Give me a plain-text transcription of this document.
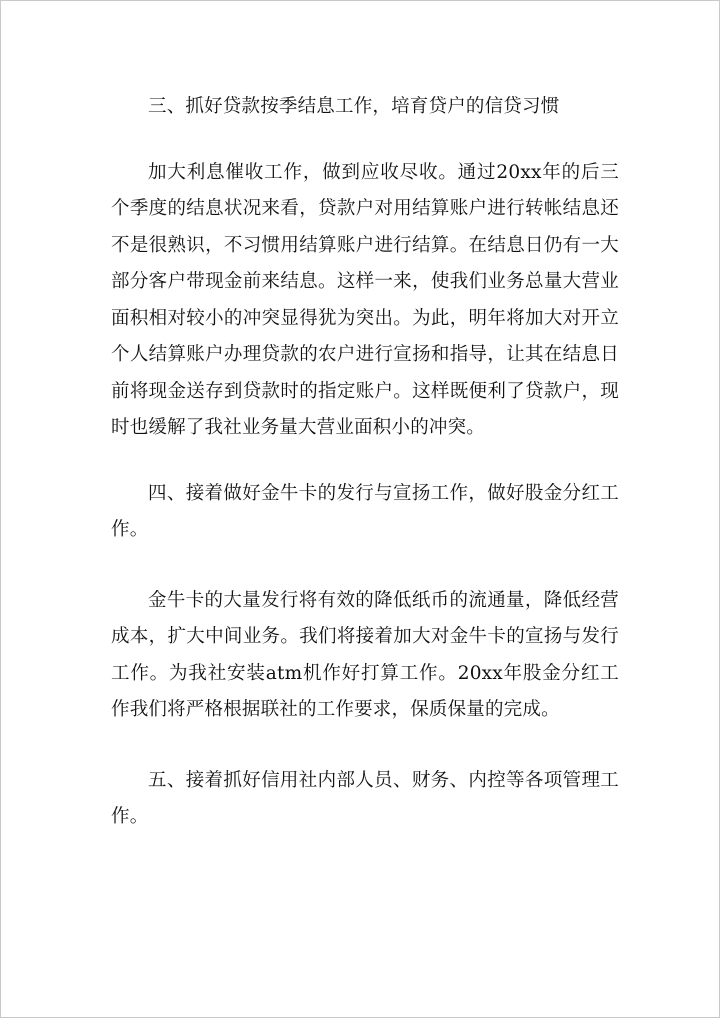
三、抓好贷款按季结息工作，培育贷户的信贷习惯

加大利息催收工作，做到应收尽收。通过20xx年的后三个季度的结息状况来看，贷款户对用结算账户进行转帐结息还不是很熟识，不习惯用结算账户进行结算。在结息日仍有一大部分客户带现金前来结息。这样一来，使我们业务总量大营业面积相对较小的冲突显得犹为突出。为此，明年将加大对开立个人结算账户办理贷款的农户进行宣扬和指导，让其在结息日前将现金送存到贷款时的指定账户。这样既便利了贷款户，现时也缓解了我社业务量大营业面积小的冲突。

四、接着做好金牛卡的发行与宣扬工作，做好股金分红工作。

金牛卡的大量发行将有效的降低纸币的流通量，降低经营成本，扩大中间业务。我们将接着加大对金牛卡的宣扬与发行工作。为我社安装atm机作好打算工作。20xx年股金分红工作我们将严格根据联社的工作要求，保质保量的完成。

五、接着抓好信用社内部人员、财务、内控等各项管理工作。
